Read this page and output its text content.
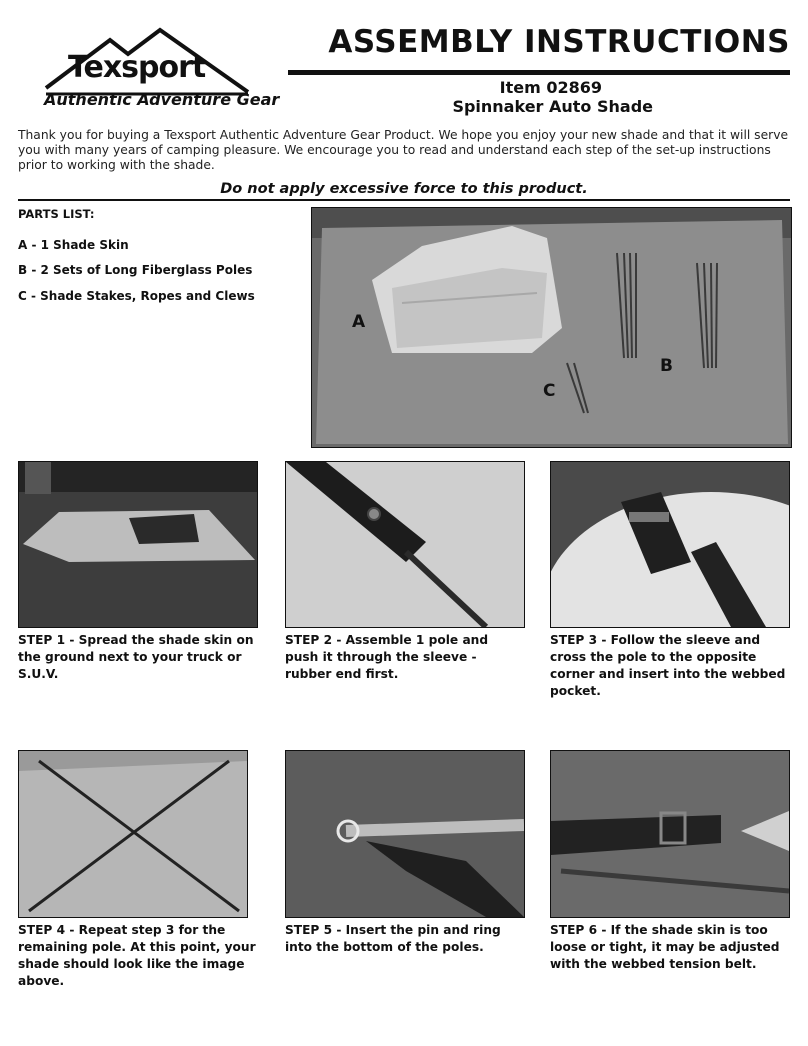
Texsport
Authentic Adventure Gear
ASSEMBLY INSTRUCTIONS
Item 02869
Spinnaker Auto Shade
Thank you for buying a Texsport Authentic Adventure Gear Product. We hope you enjoy your new shade and that it will serve you with many years of camping pleasure. We encourage you to read and understand each step of the set-up instructions prior to working with the shade.
Do not apply excessive force to this product.
PARTS LIST:
A - 1 Shade Skin
B - 2 Sets of Long Fiberglass Poles
C - Shade Stakes, Ropes and Clews
A
B
C
STEP 1 - Spread the shade skin on the ground next to your truck or S.U.V.
STEP 2 - Assemble 1 pole and push it through the sleeve - rubber end first.
STEP 3 - Follow the sleeve and cross the pole to the opposite corner and insert into the webbed pocket.
STEP 4 - Repeat step 3 for the remaining pole. At this point, your shade should look like the image above.
STEP 5 - Insert the pin and ring into the bottom of the poles.
STEP 6 - If the shade skin is too loose or tight, it may be adjusted with the webbed tension belt.
